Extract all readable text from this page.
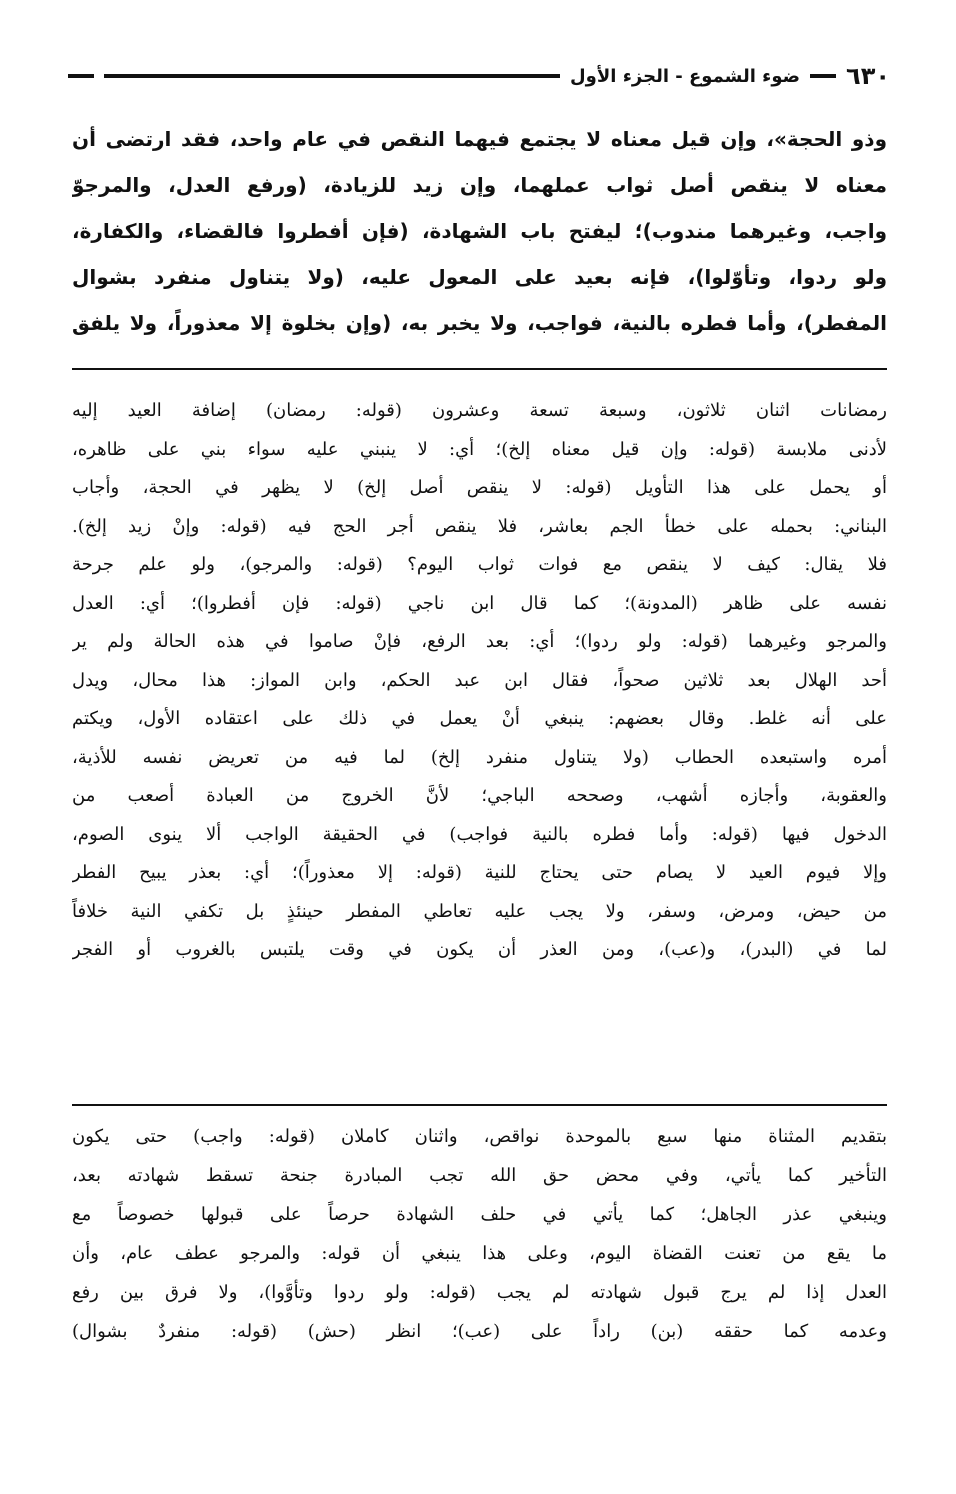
٦٣٠
ضوء الشموع - الجزء الأول
وذو الحجة»، وإن قيل معناه لا يجتمع فيهما النقص في عام واحد، فقد ارتضى أن
معناه لا ينقص أصل ثواب عملهما، وإن زيد للزيادة، (ورفع العدل، والمرجوّ
واجب، وغيرهما مندوب)؛ ليفتح باب الشهادة، (فإن أفطروا فالقضاء، والكفارة،
ولو ردوا، وتأوّلوا)، فإنه بعيد على المعول عليه، (ولا يتناول منفرد بشوال
المفطر)، وأما فطره بالنية، فواجب، ولا يخبر به، (وإن بخلوة إلا معذوراً، ولا يلفق
رمضانات اثنان ثلاثون، وسبعة تسعة وعشرون (قوله: رمضان) إضافة العيد إليه
لأدنى ملابسة (قوله: وإن قيل معناه إلخ)؛ أي: لا ينبني عليه سواء بني على ظاهره،
أو يحمل على هذا التأويل (قوله: لا ينقص أصل إلخ) لا يظهر في الحجة، وأجاب
البناني: بحمله على خطأ الجم بعاشر، فلا ينقص أجر الحج فيه (قوله: وإنْ زيد إلخ).
فلا يقال: كيف لا ينقص مع فوات ثواب اليوم؟ (قوله: والمرجو)، ولو علم جرحة
نفسه على ظاهر (المدونة)؛ كما قال ابن ناجي (قوله: فإن أفطروا)؛ أي: العدل
والمرجو وغيرهما (قوله: ولو ردوا)؛ أي: بعد الرفع، فإنْ صاموا في هذه الحالة ولم ير
أحد الهلال بعد ثلاثين صحواً، فقال ابن عبد الحكم، وابن المواز: هذا محال، ويدل
على أنه غلط. وقال بعضهم: ينبغي أنْ يعمل في ذلك على اعتقاده الأول، ويكتم
أمره واستبعده الحطاب (ولا يتناول منفرد إلخ) لما فيه من تعريض نفسه للأذية،
والعقوبة، وأجازه أشهب، وصححه الباجي؛ لأنَّ الخروج من العبادة أصعب من
الدخول فيها (قوله: وأما فطره بالنية فواجب) في الحقيقة الواجب ألا ينوى الصوم،
وإلا فيوم العيد لا يصام حتى يحتاج للنية (قوله: إلا معذوراً)؛ أي: بعذر يبيح الفطر
من حيض، ومرض، وسفر، ولا يجب عليه تعاطي المفطر حينئذٍ بل تكفي النية خلافاً
لما في (البدر)، و(عب)، ومن العذر أن يكون في وقت يلتبس بالغروب أو الفجر
بتقديم المثناة منها سبع بالموحدة نواقص، واثنان كاملان (قوله: واجب) حتى يكون
التأخير كما يأتي، وفي محض حق الله تجب المبادرة جنحة تسقط شهادته بعد،
وينبغي عذر الجاهل؛ كما يأتي في حلف الشهادة حرصاً على قبولها خصوصاً مع
ما يقع من تعنت القضاة اليوم، وعلى هذا ينبغي أن قوله: والمرجو عطف عام، وأن
العدل إذا لم يرج قبول شهادته لم يجب (قوله: ولو ردوا وتأوَّوا)، ولا فرق بين رفع
وعدمه كما حققه (بن) راداً على (عب)؛ انظر (حش) (قوله: منفردٌ بشوال)
